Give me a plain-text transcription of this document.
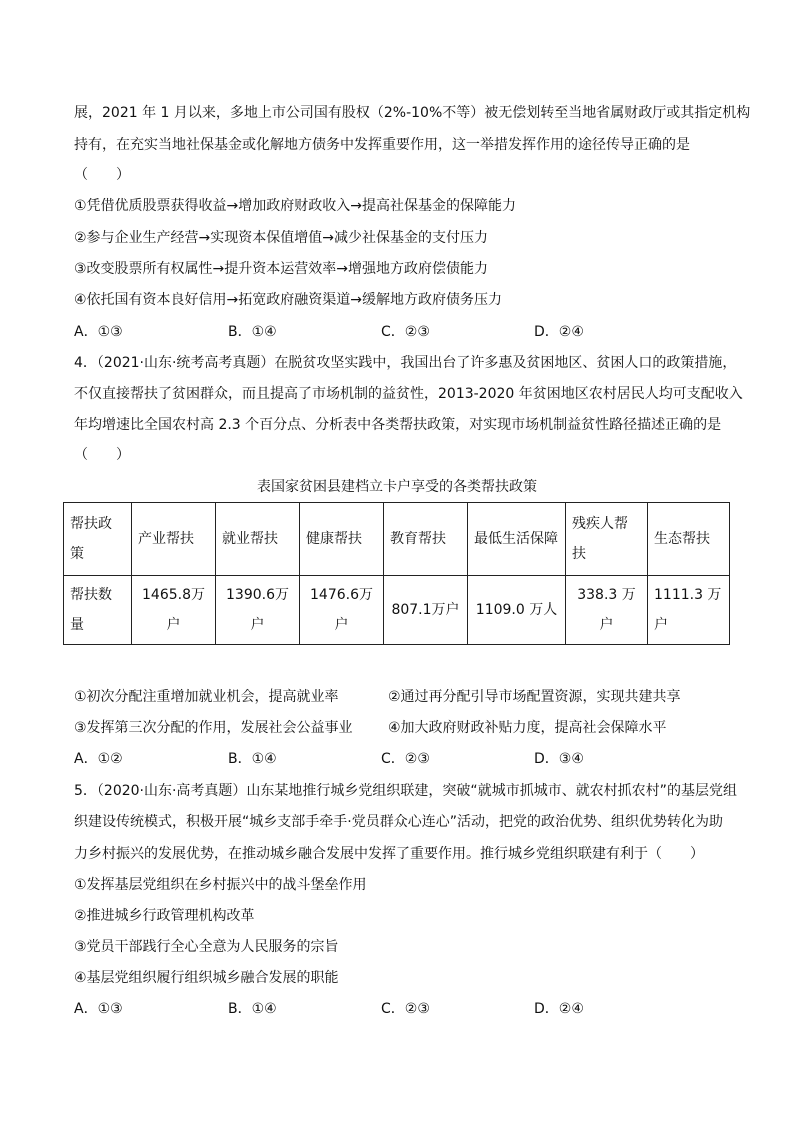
展，2021 年 1 月以来，多地上市公司国有股权（2%-10%不等）被无偿划转至当地省属财政厅或其指定机构
持有，在充实当地社保基金或化解地方债务中发挥重要作用，这一举措发挥作用的途径传导正确的是
（　　）
①凭借优质股票获得收益→增加政府财政收入→提高社保基金的保障能力
②参与企业生产经营→实现资本保值增值→减少社保基金的支付压力
③改变股票所有权属性→提升资本运营效率→增强地方政府偿债能力
④依托国有资本良好信用→拓宽政府融资渠道→缓解地方政府债务压力
A．①③	B．①④	C．②③	D．②④
4．（2021·山东·统考高考真题）在脱贫攻坚实践中，我国出台了许多惠及贫困地区、贫困人口的政策措施，
不仅直接帮扶了贫困群众，而且提高了市场机制的益贫性，2013-2020 年贫困地区农村居民人均可支配收入
年均增速比全国农村高 2.3 个百分点、分析表中各类帮扶政策，对实现市场机制益贫性路径描述正确的是
（　　）
表国家贫困县建档立卡户享受的各类帮扶政策
帮扶政策	产业帮扶	就业帮扶	健康帮扶	教育帮扶	最低生活保障	残疾人帮扶	生态帮扶
帮扶数量	1465.8万户	1390.6万户	1476.6万户	807.1万户	1109.0 万人	338.3 万户	1111.3 万户
①初次分配注重增加就业机会，提高就业率	②通过再分配引导市场配置资源，实现共建共享
③发挥第三次分配的作用，发展社会公益事业	④加大政府财政补贴力度，提高社会保障水平
A．①②	B．①④	C．②③	D．③④
5．（2020·山东·高考真题）山东某地推行城乡党组织联建，突破“就城市抓城市、就农村抓农村”的基层党组
织建设传统模式，积极开展“城乡支部手牵手·党员群众心连心”活动，把党的政治优势、组织优势转化为助
力乡村振兴的发展优势，在推动城乡融合发展中发挥了重要作用。推行城乡党组织联建有利于（　　）
①发挥基层党组织在乡村振兴中的战斗堡垒作用
②推进城乡行政管理机构改革
③党员干部践行全心全意为人民服务的宗旨
④基层党组织履行组织城乡融合发展的职能
A．①③	B．①④	C．②③	D．②④
